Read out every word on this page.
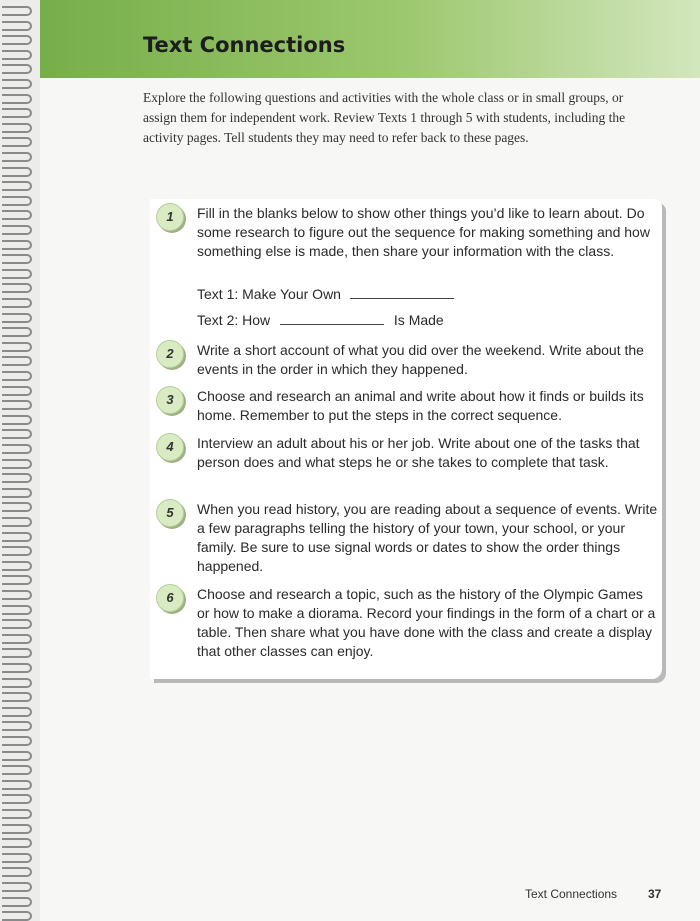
Text Connections
Explore the following questions and activities with the whole class or in small groups, or assign them for independent work. Review Texts 1 through 5 with students, including the activity pages. Tell students they may need to refer back to these pages.
1	Fill in the blanks below to show other things you’d like to learn about. Do some research to figure out the sequence for making something and how something else is made, then share your information with the class.
Text 1: Make Your Own
Text 2: How	Is Made
2	Write a short account of what you did over the weekend. Write about the events in the order in which they happened.
3	Choose and research an animal and write about how it finds or builds its home. Remember to put the steps in the correct sequence.
4	Interview an adult about his or her job. Write about one of the tasks that person does and what steps he or she takes to complete that task.
5	When you read history, you are reading about a sequence of events. Write a few paragraphs telling the history of your town, your school, or your family. Be sure to use signal words or dates to show the order things happened.
6	Choose and research a topic, such as the history of the Olympic Games or how to make a diorama. Record your findings in the form of a chart or a table. Then share what you have done with the class and create a display that other classes can enjoy.
Text Connections	37
